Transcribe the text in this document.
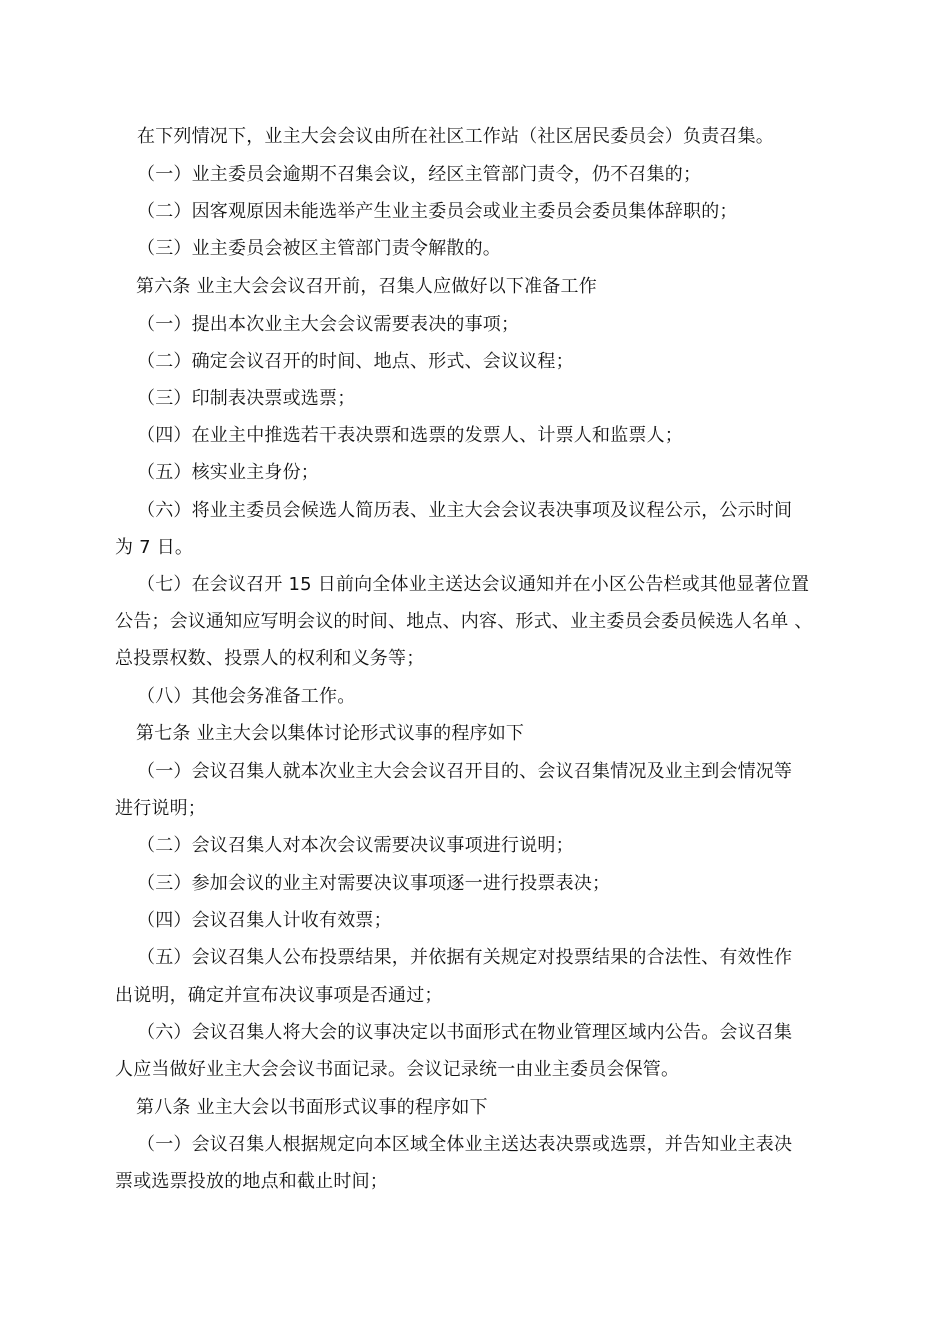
在下列情况下，业主大会会议由所在社区工作站（社区居民委员会）负责召集。
（一）业主委员会逾期不召集会议，经区主管部门责令，仍不召集的；
（二）因客观原因未能选举产生业主委员会或业主委员会委员集体辞职的；
（三）业主委员会被区主管部门责令解散的。
第六条 业主大会会议召开前，召集人应做好以下准备工作
（一）提出本次业主大会会议需要表决的事项；
（二）确定会议召开的时间、地点、形式、会议议程；
（三）印制表决票或选票；
（四）在业主中推选若干表决票和选票的发票人、计票人和监票人；
（五）核实业主身份；
（六）将业主委员会候选人简历表、业主大会会议表决事项及议程公示，公示时间
为 7 日。
（七）在会议召开 15 日前向全体业主送达会议通知并在小区公告栏或其他显著位置
公告；会议通知应写明会议的时间、地点、内容、形式、业主委员会委员候选人名单 、
总投票权数、投票人的权利和义务等；
（八）其他会务准备工作。
第七条 业主大会以集体讨论形式议事的程序如下
（一）会议召集人就本次业主大会会议召开目的、会议召集情况及业主到会情况等
进行说明；
（二）会议召集人对本次会议需要决议事项进行说明；
（三）参加会议的业主对需要决议事项逐一进行投票表决；
（四）会议召集人计收有效票；
（五）会议召集人公布投票结果，并依据有关规定对投票结果的合法性、有效性作
出说明，确定并宣布决议事项是否通过；
（六）会议召集人将大会的议事决定以书面形式在物业管理区域内公告。会议召集
人应当做好业主大会会议书面记录。会议记录统一由业主委员会保管。
第八条 业主大会以书面形式议事的程序如下
（一）会议召集人根据规定向本区域全体业主送达表决票或选票，并告知业主表决
票或选票投放的地点和截止时间；
